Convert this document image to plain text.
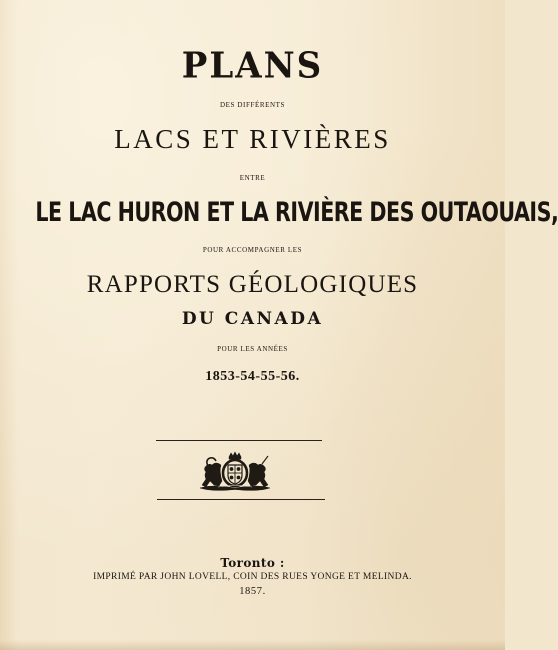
PLANS
DES DIFFÉRENTS
LACS ET RIVIÈRES
ENTRE
LE LAC HURON ET LA RIVIÈRE DES OUTAOUAIS,
POUR ACCOMPAGNER LES
RAPPORTS GÉOLOGIQUES
DU CANADA
POUR LES ANNÉES
1853-54-55-56.
Toronto :
IMPRIMÉ PAR JOHN LOVELL, COIN DES RUES YONGE ET MELINDA.
1857.
